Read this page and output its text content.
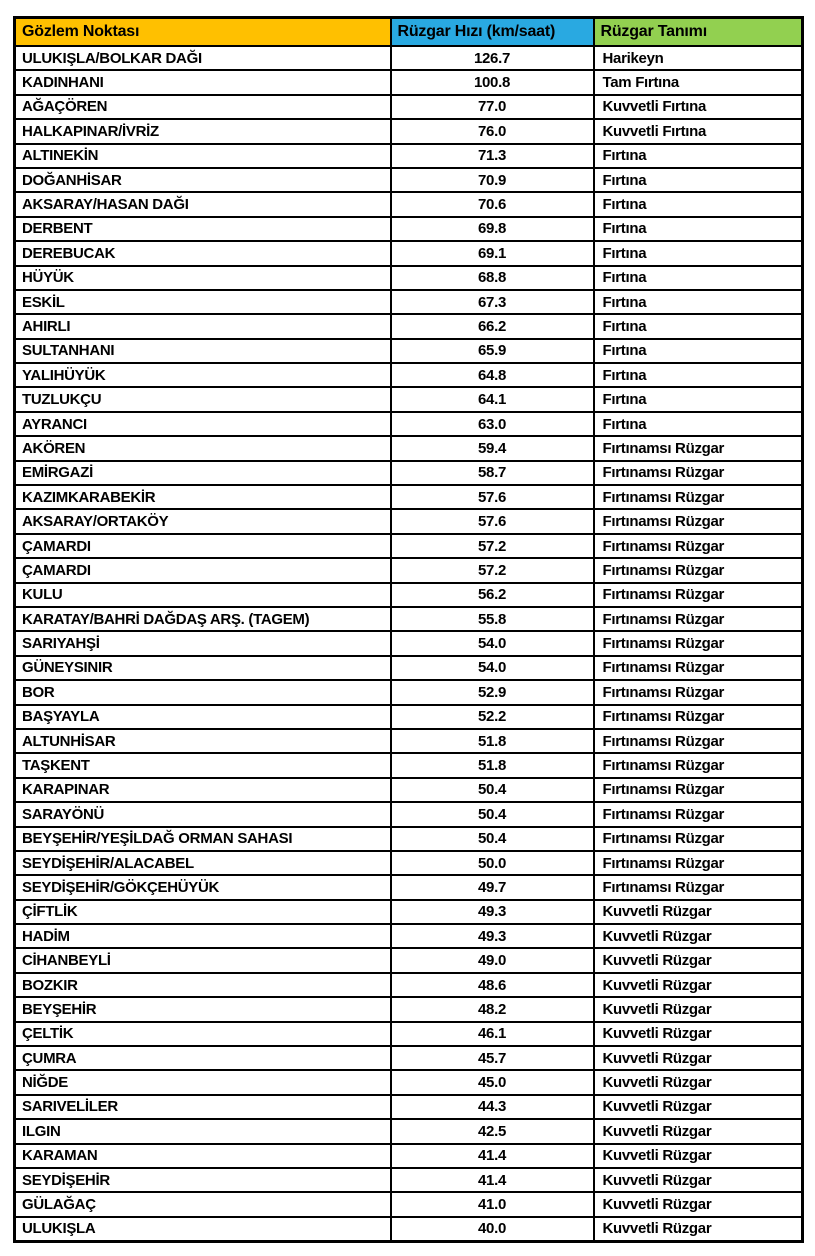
Gözlem Noktası	Rüzgar Hızı (km/saat)	Rüzgar Tanımı
ULUKIŞLA/BOLKAR DAĞI	126.7	Harikeyn
KADINHANI	100.8	Tam Fırtına
AĞAÇÖREN	77.0	Kuvvetli Fırtına
HALKAPINAR/İVRİZ	76.0	Kuvvetli Fırtına
ALTINEKİN	71.3	Fırtına
DOĞANHİSAR	70.9	Fırtına
AKSARAY/HASAN DAĞI	70.6	Fırtına
DERBENT	69.8	Fırtına
DEREBUCAK	69.1	Fırtına
HÜYÜK	68.8	Fırtına
ESKİL	67.3	Fırtına
AHIRLI	66.2	Fırtına
SULTANHANI	65.9	Fırtına
YALIHÜYÜK	64.8	Fırtına
TUZLUKÇU	64.1	Fırtına
AYRANCI	63.0	Fırtına
AKÖREN	59.4	Fırtınamsı Rüzgar
EMİRGAZİ	58.7	Fırtınamsı Rüzgar
KAZIMKARABEKİR	57.6	Fırtınamsı Rüzgar
AKSARAY/ORTAKÖY	57.6	Fırtınamsı Rüzgar
ÇAMARDI	57.2	Fırtınamsı Rüzgar
ÇAMARDI	57.2	Fırtınamsı Rüzgar
KULU	56.2	Fırtınamsı Rüzgar
KARATAY/BAHRİ DAĞDAŞ ARŞ. (TAGEM)	55.8	Fırtınamsı Rüzgar
SARIYAHŞİ	54.0	Fırtınamsı Rüzgar
GÜNEYSINIR	54.0	Fırtınamsı Rüzgar
BOR	52.9	Fırtınamsı Rüzgar
BAŞYAYLA	52.2	Fırtınamsı Rüzgar
ALTUNHİSAR	51.8	Fırtınamsı Rüzgar
TAŞKENT	51.8	Fırtınamsı Rüzgar
KARAPINAR	50.4	Fırtınamsı Rüzgar
SARAYÖNÜ	50.4	Fırtınamsı Rüzgar
BEYŞEHİR/YEŞİLDAĞ ORMAN SAHASI	50.4	Fırtınamsı Rüzgar
SEYDİŞEHİR/ALACABEL	50.0	Fırtınamsı Rüzgar
SEYDİŞEHİR/GÖKÇEHÜYÜK	49.7	Fırtınamsı Rüzgar
ÇİFTLİK	49.3	Kuvvetli Rüzgar
HADİM	49.3	Kuvvetli Rüzgar
CİHANBEYLİ	49.0	Kuvvetli Rüzgar
BOZKIR	48.6	Kuvvetli Rüzgar
BEYŞEHİR	48.2	Kuvvetli Rüzgar
ÇELTİK	46.1	Kuvvetli Rüzgar
ÇUMRA	45.7	Kuvvetli Rüzgar
NİĞDE	45.0	Kuvvetli Rüzgar
SARIVELİLER	44.3	Kuvvetli Rüzgar
ILGIN	42.5	Kuvvetli Rüzgar
KARAMAN	41.4	Kuvvetli Rüzgar
SEYDİŞEHİR	41.4	Kuvvetli Rüzgar
GÜLAĞAÇ	41.0	Kuvvetli Rüzgar
ULUKIŞLA	40.0	Kuvvetli Rüzgar
